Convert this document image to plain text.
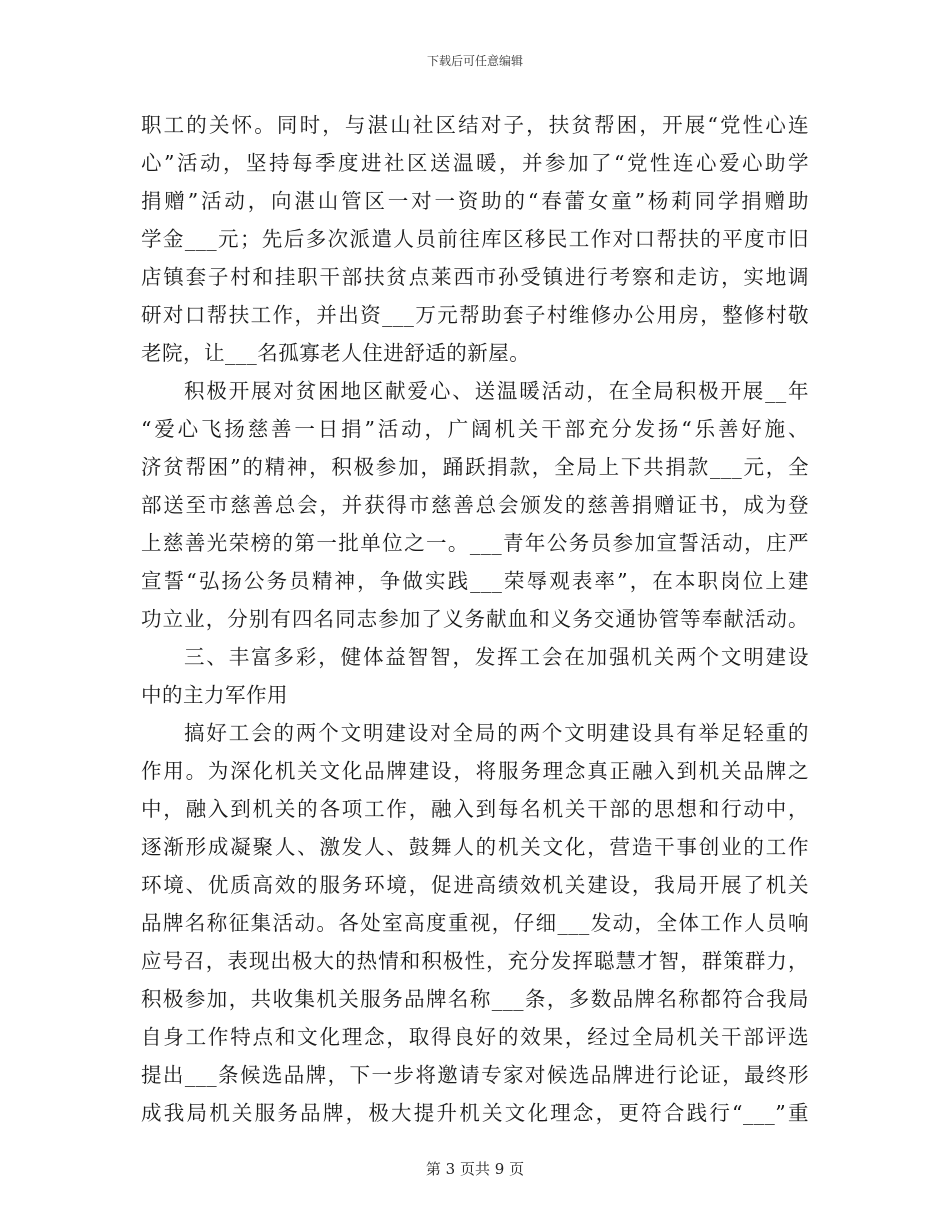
下载后可任意编辑
职工的关怀。同时，与湛山社区结对子，扶贫帮困，开展“党性心连
心”活动，坚持每季度进社区送温暖，并参加了“党性连心爱心助学
捐赠”活动，向湛山管区一对一资助的“春蕾女童”杨莉同学捐赠助
学金___元；先后多次派遣人员前往库区移民工作对口帮扶的平度市旧
店镇套子村和挂职干部扶贫点莱西市孙受镇进行考察和走访，实地调
研对口帮扶工作，并出资___万元帮助套子村维修办公用房，整修村敬
老院，让___名孤寡老人住进舒适的新屋。
积极开展对贫困地区献爱心、送温暖活动，在全局积极开展__年
“爱心飞扬慈善一日捐”活动，广阔机关干部充分发扬“乐善好施、
济贫帮困”的精神，积极参加，踊跃捐款，全局上下共捐款___元，全
部送至市慈善总会，并获得市慈善总会颁发的慈善捐赠证书，成为登
上慈善光荣榜的第一批单位之一。___青年公务员参加宣誓活动，庄严
宣誓“弘扬公务员精神，争做实践___荣辱观表率”，在本职岗位上建
功立业，分别有四名同志参加了义务献血和义务交通协管等奉献活动。
三、丰富多彩，健体益智智，发挥工会在加强机关两个文明建设
中的主力军作用
搞好工会的两个文明建设对全局的两个文明建设具有举足轻重的
作用。为深化机关文化品牌建设，将服务理念真正融入到机关品牌之
中，融入到机关的各项工作，融入到每名机关干部的思想和行动中，
逐渐形成凝聚人、激发人、鼓舞人的机关文化，营造干事创业的工作
环境、优质高效的服务环境，促进高绩效机关建设，我局开展了机关
品牌名称征集活动。各处室高度重视，仔细___发动，全体工作人员响
应号召，表现出极大的热情和积极性，充分发挥聪慧才智，群策群力，
积极参加，共收集机关服务品牌名称___条，多数品牌名称都符合我局
自身工作特点和文化理念，取得良好的效果，经过全局机关干部评选
提出___条候选品牌，下一步将邀请专家对候选品牌进行论证，最终形
成我局机关服务品牌，极大提升机关文化理念，更符合践行“___”重
第 3 页共 9 页
